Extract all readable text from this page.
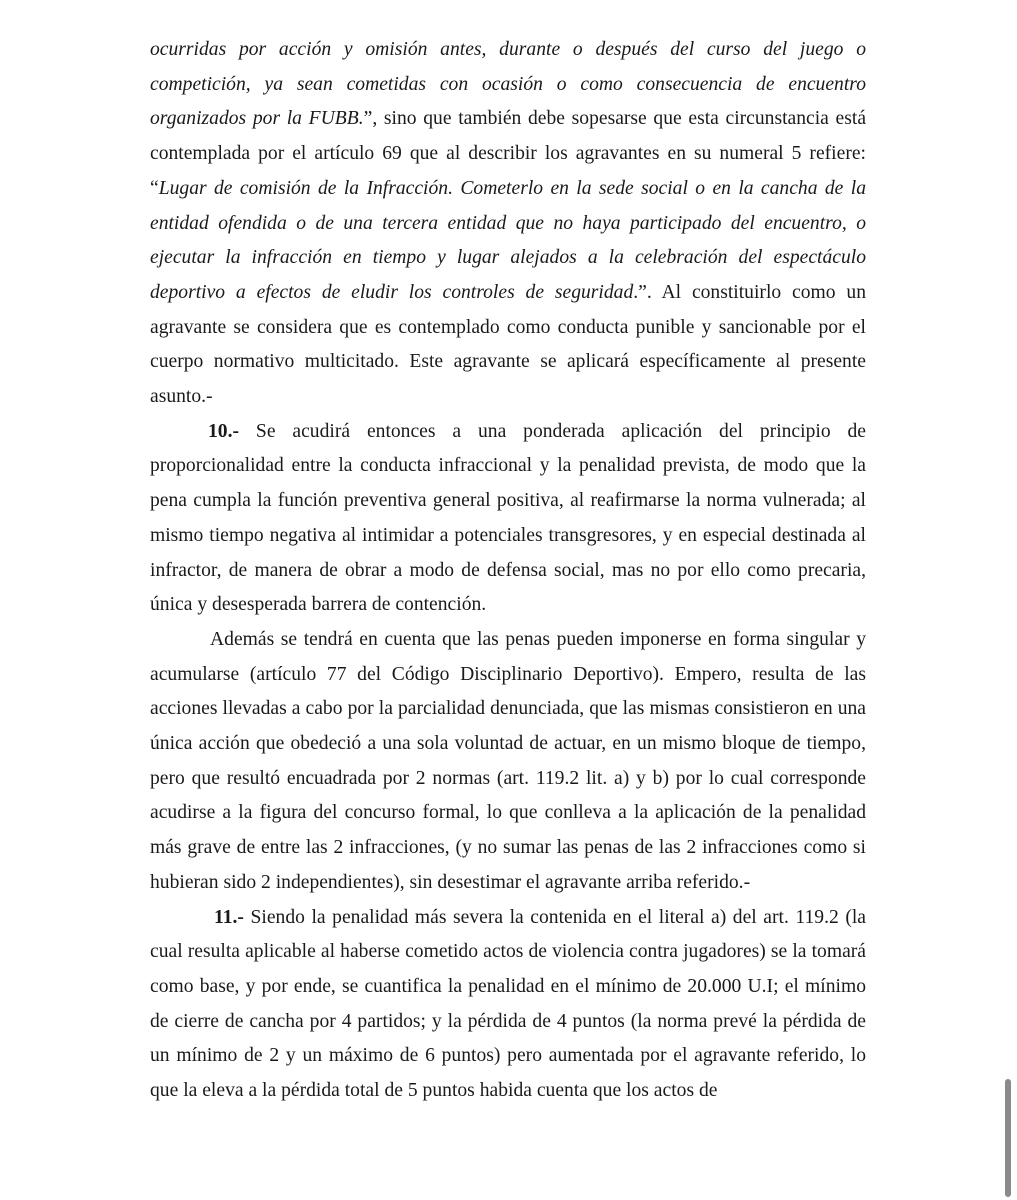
ocurridas por acción y omisión antes, durante o después del curso del juego o competición, ya sean cometidas con ocasión o como consecuencia de encuentro organizados por la FUBB.”, sino que también debe sopesarse que esta circunstancia está contemplada por el artículo 69 que al describir los agravantes en su numeral 5 refiere: “Lugar de comisión de la Infracción. Cometerlo en la sede social o en la cancha de la entidad ofendida o de una tercera entidad que no haya participado del encuentro, o ejecutar la infracción en tiempo y lugar alejados a la celebración del espectáculo deportivo a efectos de eludir los controles de seguridad.”. Al constituirlo como un agravante se considera que es contemplado como conducta punible y sancionable por el cuerpo normativo multicitado. Este agravante se aplicará específicamente al presente asunto.-

10.- Se acudirá entonces a una ponderada aplicación del principio de proporcionalidad entre la conducta infraccional y la penalidad prevista, de modo que la pena cumpla la función preventiva general positiva, al reafirmarse la norma vulnerada; al mismo tiempo negativa al intimidar a potenciales transgresores, y en especial destinada al infractor, de manera de obrar a modo de defensa social, mas no por ello como precaria, única y desesperada barrera de contención.

Además se tendrá en cuenta que las penas pueden imponerse en forma singular y acumularse (artículo 77 del Código Disciplinario Deportivo). Empero, resulta de las acciones llevadas a cabo por la parcialidad denunciada, que las mismas consistieron en una única acción que obedeció a una sola voluntad de actuar, en un mismo bloque de tiempo, pero que resultó encuadrada por 2 normas (art. 119.2 lit. a) y b) por lo cual corresponde acudirse a la figura del concurso formal, lo que conlleva a la aplicación de la penalidad más grave de entre las 2 infracciones, (y no sumar las penas de las 2 infracciones como si hubieran sido 2 independientes), sin desestimar el agravante arriba referido.-

11.- Siendo la penalidad más severa la contenida en el literal a) del art. 119.2 (la cual resulta aplicable al haberse cometido actos de violencia contra jugadores) se la tomará como base, y por ende, se cuantifica la penalidad en el mínimo de 20.000 U.I; el mínimo de cierre de cancha por 4 partidos; y la pérdida de 4 puntos (la norma prevé la pérdida de un mínimo de 2 y un máximo de 6 puntos) pero aumentada por el agravante referido, lo que la eleva a la pérdida total de 5 puntos habida cuenta que los actos de
